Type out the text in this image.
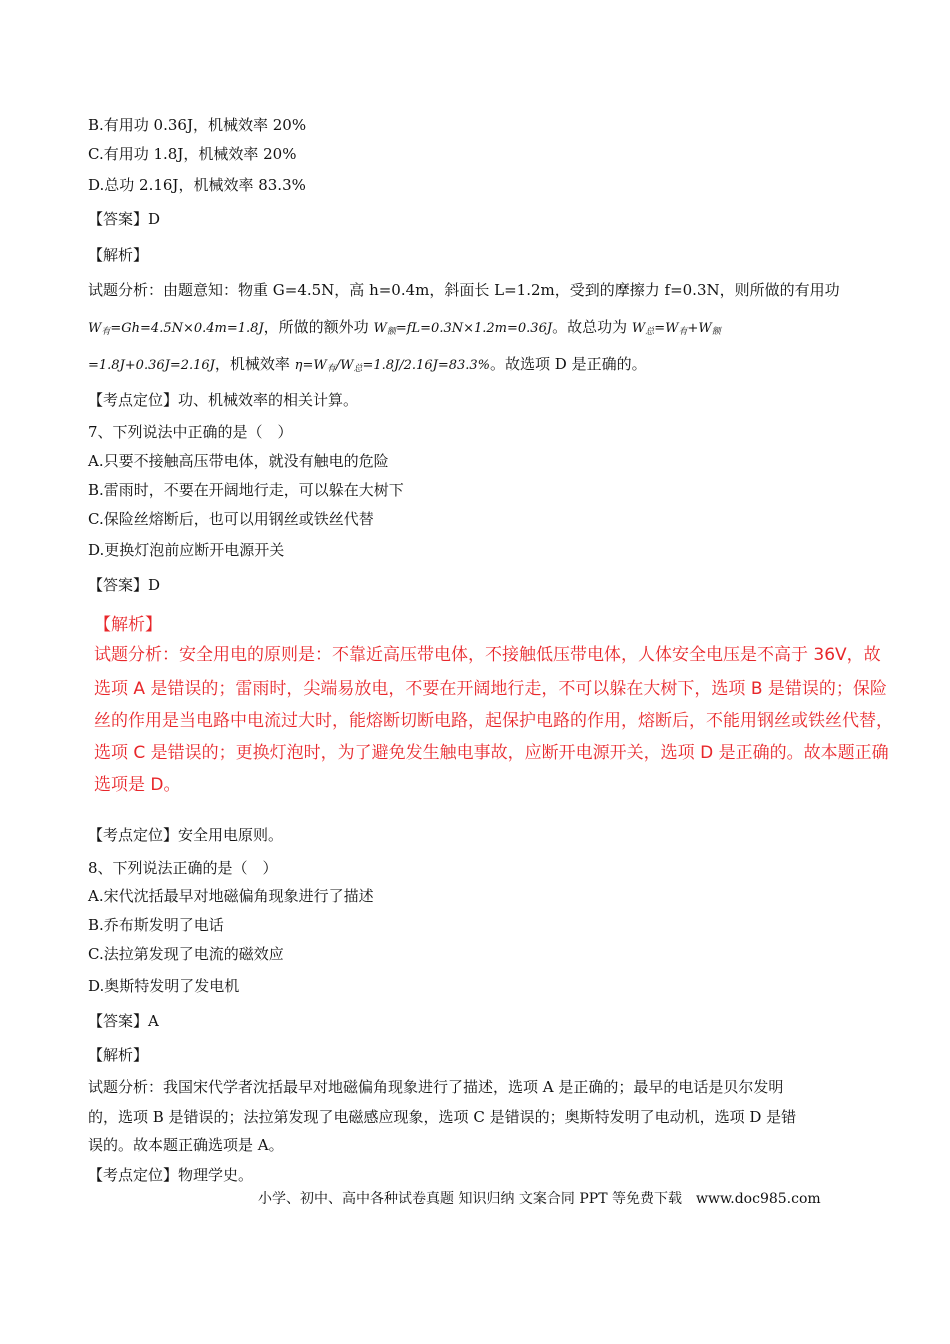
B.有用功 0.36J，机械效率 20%
C.有用功 1.8J，机械效率 20%
D.总功 2.16J，机械效率 83.3%
【答案】D
【解析】
试题分析：由题意知：物重 G=4.5N，高 h=0.4m，斜面长 L=1.2m，受到的摩擦力 f=0.3N，则所做的有用功
$W_有=Gh=4.5N\times 0.4m=1.8J$，所做的额外功 $W_额=fL=0.3N\times 1.2m=0.36J$。故总功为 $W_总=W_有+W_额$
=1.8J+0.36J=2.16J，机械效率 $\eta=W_有/W_总=1.8J/2.16J=83.3\%$。故选项 D 是正确的。
【考点定位】功、机械效率的相关计算。
7、下列说法中正确的是（　）
A.只要不接触高压带电体，就没有触电的危险
B.雷雨时，不要在开阔地行走，可以躲在大树下
C.保险丝熔断后，也可以用钢丝或铁丝代替
D.更换灯泡前应断开电源开关
【答案】D
【解析】
试题分析：安全用电的原则是：不靠近高压带电体，不接触低压带电体，人体安全电压是不高于 36V，故
选项 A 是错误的；雷雨时，尖端易放电，不要在开阔地行走，不可以躲在大树下，选项 B 是错误的；保险
丝的作用是当电路中电流过大时，能熔断切断电路，起保护电路的作用，熔断后，不能用钢丝或铁丝代替，
选项 C 是错误的；更换灯泡时，为了避免发生触电事故，应断开电源开关，选项 D 是正确的。故本题正确
选项是 D。
【考点定位】安全用电原则。
8、下列说法正确的是（　）
A.宋代沈括最早对地磁偏角现象进行了描述
B.乔布斯发明了电话
C.法拉第发现了电流的磁效应
D.奥斯特发明了发电机
【答案】A
【解析】
试题分析：我国宋代学者沈括最早对地磁偏角现象进行了描述，选项 A 是正确的；最早的电话是贝尔发明
的，选项 B 是错误的；法拉第发现了电磁感应现象，选项 C 是错误的；奥斯特发明了电动机，选项 D 是错
误的。故本题正确选项是 A。
【考点定位】物理学史。
小学、初中、高中各种试卷真题 知识归纳 文案合同 PPT 等免费下载　www.doc985.com
